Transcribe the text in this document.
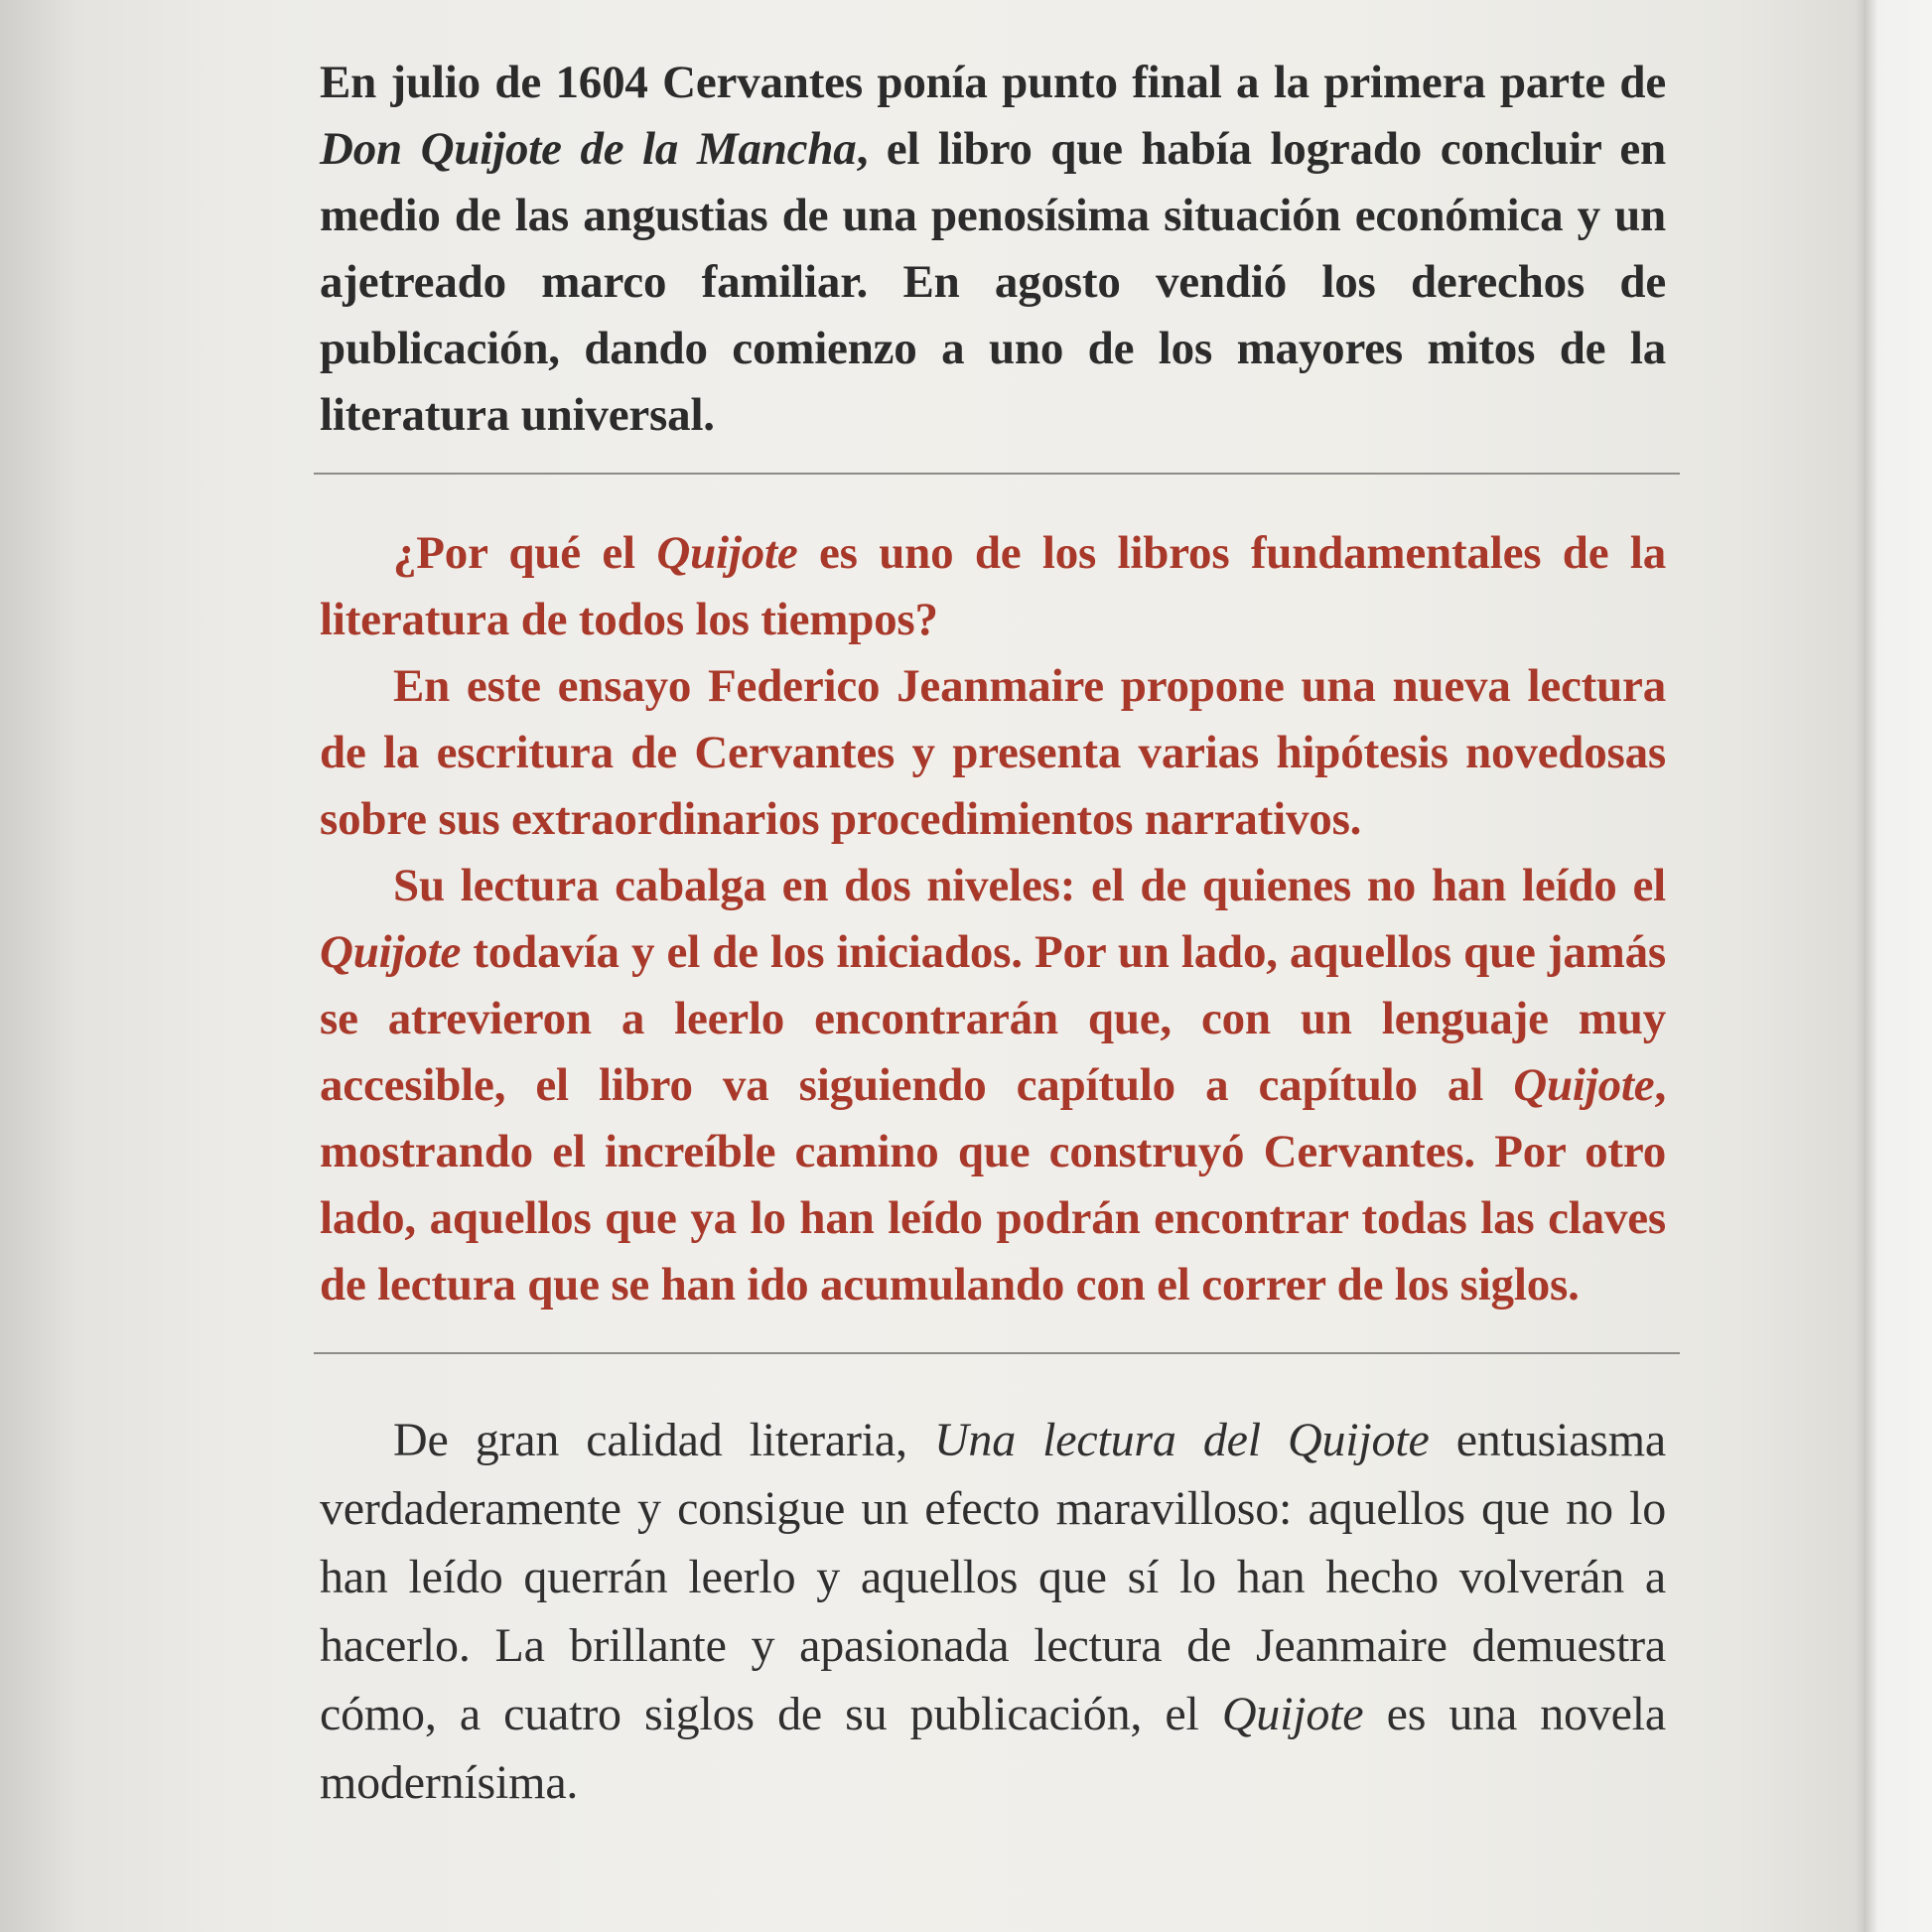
En julio de 1604 Cervantes ponía punto final a la primera parte de Don Quijote de la Mancha, el libro que había logrado concluir en medio de las angustias de una penosísima situación económica y un ajetreado marco familiar. En agosto vendió los derechos de publicación, dando comienzo a uno de los mayores mitos de la literatura universal.

¿Por qué el Quijote es uno de los libros fundamentales de la literatura de todos los tiempos?

En este ensayo Federico Jeanmaire propone una nueva lectura de la escritura de Cervantes y presenta varias hipótesis novedosas sobre sus extraordinarios procedimientos narrativos.

Su lectura cabalga en dos niveles: el de quienes no han leído el Quijote todavía y el de los iniciados. Por un lado, aquellos que jamás se atrevieron a leerlo encontrarán que, con un lenguaje muy accesible, el libro va siguiendo capítulo a capítulo al Quijote, mostrando el increíble camino que construyó Cervantes. Por otro lado, aquellos que ya lo han leído podrán encontrar todas las claves de lectura que se han ido acumulando con el correr de los siglos.

De gran calidad literaria, Una lectura del Quijote entusiasma verdaderamente y consigue un efecto maravilloso: aquellos que no lo han leído querrán leerlo y aquellos que sí lo han hecho volverán a hacerlo. La brillante y apasionada lectura de Jeanmaire demuestra cómo, a cuatro siglos de su publicación, el Quijote es una novela modernísima.
